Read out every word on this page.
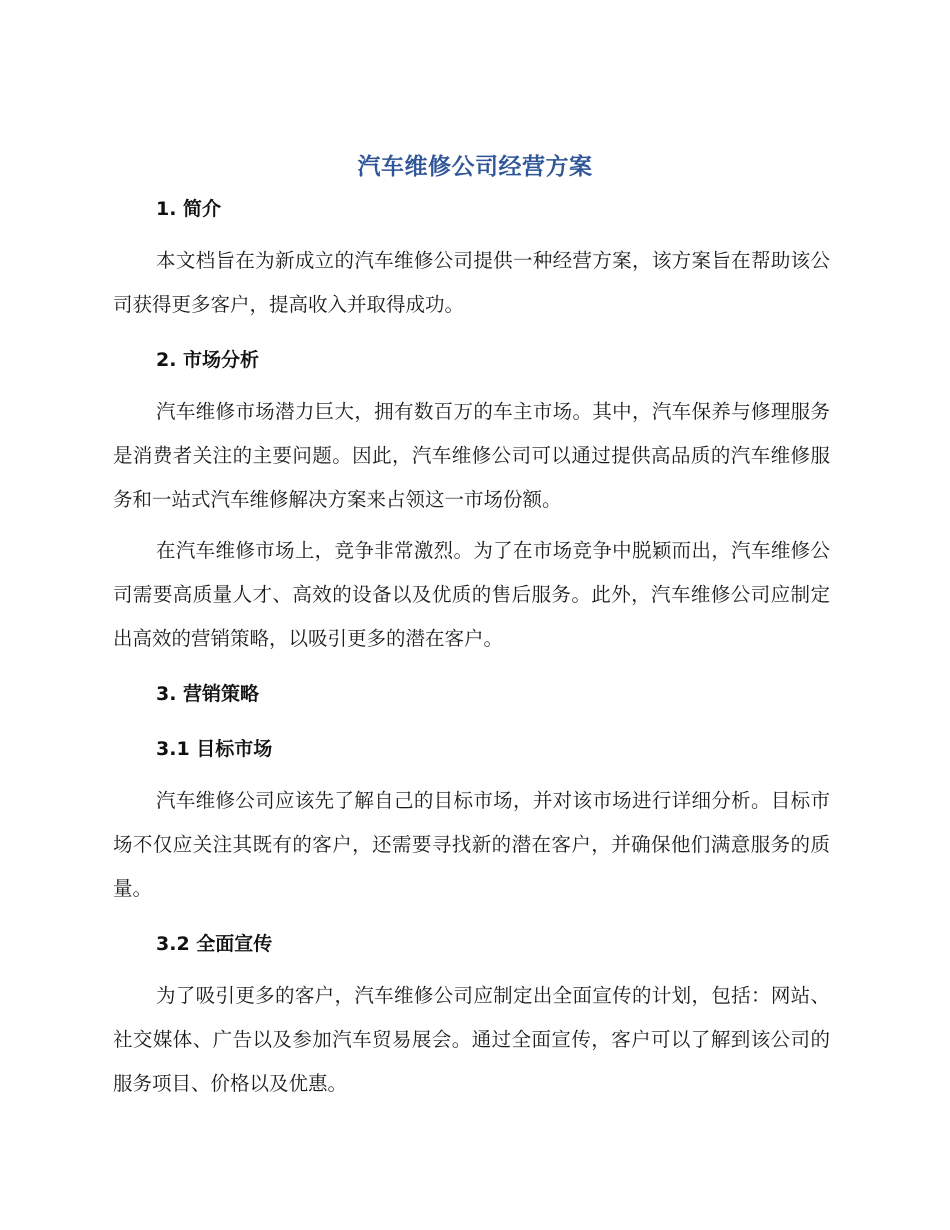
汽车维修公司经营方案
1. 简介

本文档旨在为新成立的汽车维修公司提供一种经营方案，该方案旨在帮助该公司获得更多客户，提高收入并取得成功。

2. 市场分析

汽车维修市场潜力巨大，拥有数百万的车主市场。其中，汽车保养与修理服务是消费者关注的主要问题。因此，汽车维修公司可以通过提供高品质的汽车维修服务和一站式汽车维修解决方案来占领这一市场份额。

在汽车维修市场上，竞争非常激烈。为了在市场竞争中脱颖而出，汽车维修公司需要高质量人才、高效的设备以及优质的售后服务。此外，汽车维修公司应制定出高效的营销策略，以吸引更多的潜在客户。

3. 营销策略
3.1 目标市场

汽车维修公司应该先了解自己的目标市场，并对该市场进行详细分析。目标市场不仅应关注其既有的客户，还需要寻找新的潜在客户，并确保他们满意服务的质量。

3.2 全面宣传

为了吸引更多的客户，汽车维修公司应制定出全面宣传的计划，包括：网站、社交媒体、广告以及参加汽车贸易展会。通过全面宣传，客户可以了解到该公司的服务项目、价格以及优惠。
